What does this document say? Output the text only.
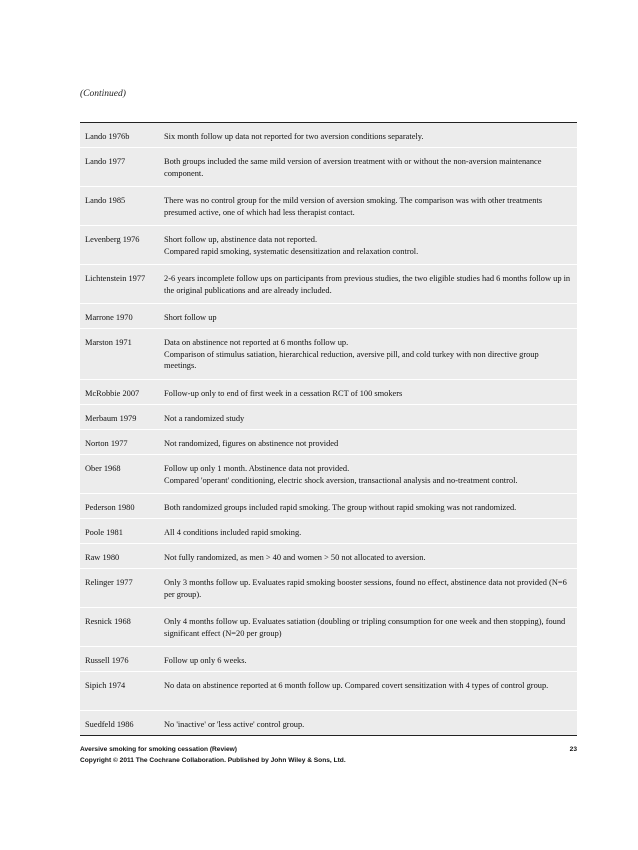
(Continued)
Lando 1976b	Six month follow up data not reported for two aversion conditions separately.
Lando 1977	Both groups included the same mild version of aversion treatment with or without the non-aversion maintenance component.
Lando 1985	There was no control group for the mild version of aversion smoking. The comparison was with other treatments presumed active, one of which had less therapist contact.
Levenberg 1976	Short follow up, abstinence data not reported.
Compared rapid smoking, systematic desensitization and relaxation control.
Lichtenstein 1977	2-6 years incomplete follow ups on participants from previous studies, the two eligible studies had 6 months follow up in the original publications and are already included.
Marrone 1970	Short follow up
Marston 1971	Data on abstinence not reported at 6 months follow up.
Comparison of stimulus satiation, hierarchical reduction, aversive pill, and cold turkey with non directive group meetings.
McRobbie 2007	Follow-up only to end of first week in a cessation RCT of 100 smokers
Merbaum 1979	Not a randomized study
Norton 1977	Not randomized, figures on abstinence not provided
Ober 1968	Follow up only 1 month. Abstinence data not provided.
Compared 'operant' conditioning, electric shock aversion, transactional analysis and no-treatment control.
Pederson 1980	Both randomized groups included rapid smoking. The group without rapid smoking was not randomized.
Poole 1981	All 4 conditions included rapid smoking.
Raw 1980	Not fully randomized, as men > 40 and women > 50 not allocated to aversion.
Relinger 1977	Only 3 months follow up. Evaluates rapid smoking booster sessions, found no effect, abstinence data not provided (N=6 per group).
Resnick 1968	Only 4 months follow up. Evaluates satiation (doubling or tripling consumption for one week and then stopping), found significant effect (N=20 per group)
Russell 1976	Follow up only 6 weeks.
Sipich 1974	No data on abstinence reported at 6 month follow up. Compared covert sensitization with 4 types of control group.
Suedfeld 1986	No 'inactive' or 'less active' control group.
Aversive smoking for smoking cessation (Review)	23
Copyright © 2011 The Cochrane Collaboration. Published by John Wiley & Sons, Ltd.
